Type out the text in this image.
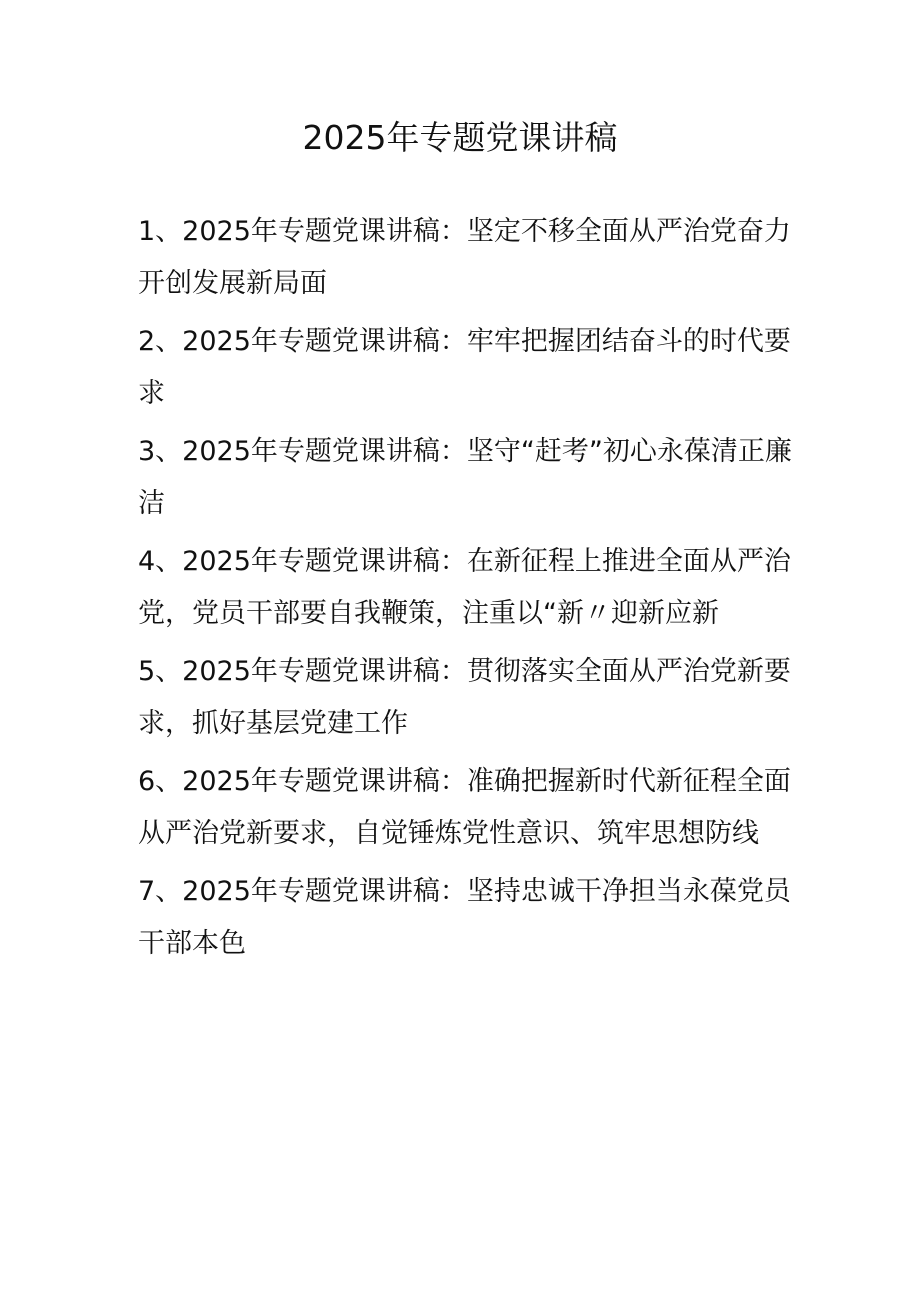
2025年专题党课讲稿
1、2025年专题党课讲稿：坚定不移全面从严治党奋力开创发展新局面
2、2025年专题党课讲稿：牢牢把握团结奋斗的时代要求
3、2025年专题党课讲稿：坚守“赶考”初心永葆清正廉洁
4、2025年专题党课讲稿：在新征程上推进全面从严治党，党员干部要自我鞭策，注重以“新〃迎新应新
5、2025年专题党课讲稿：贯彻落实全面从严治党新要求，抓好基层党建工作
6、2025年专题党课讲稿：准确把握新时代新征程全面从严治党新要求，自觉锤炼党性意识、筑牢思想防线
7、2025年专题党课讲稿：坚持忠诚干净担当永葆党员干部本色
